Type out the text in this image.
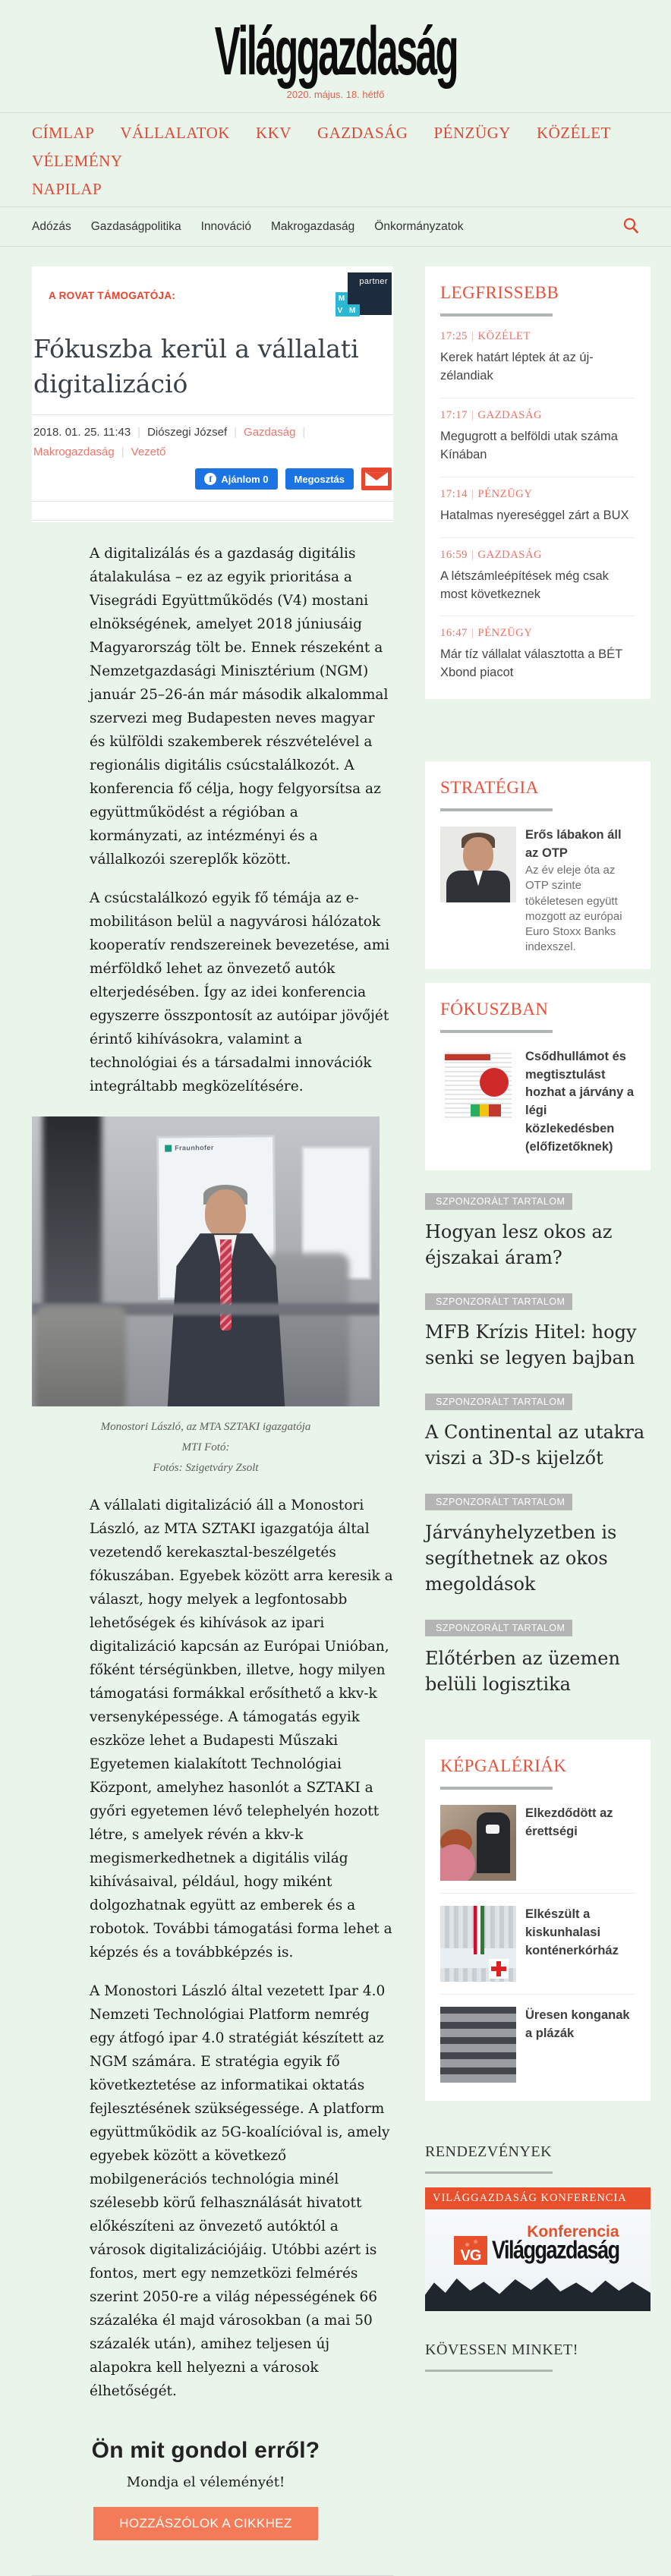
Világgazdaság
2020. május. 18. hétfő
CÍMLAP VÁLLALATOK KKV GAZDASÁG PÉNZÜGY KÖZÉLET
VÉLEMÉNY
NAPILAP
Adózás Gazdaságpolitika Innováció Makrogazdaság Önkormányzatok
A ROVAT TÁMOGATÓJA:
partner
M
V M
Fókuszba kerül a vállalati digitalizáció
2018. 01. 25. 11:43 | Diószegi József | Gazdaság |
Makrogazdaság | Vezető
f Ajánlom 0	Megosztás

A digitalizálás és a gazdaság digitális átalakulása – ez az egyik prioritása a Visegrádi Együttműködés (V4) mostani elnökségének, amelyet 2018 júniusáig Magyarország tölt be. Ennek részeként a Nemzetgazdasági Minisztérium (NGM) január 25–26-án már második alkalommal szervezi meg Budapesten neves magyar és külföldi szakemberek részvételével a regionális digitális csúcstalálkozót. A konferencia fő célja, hogy felgyorsítsa az együttműködést a régióban a kormányzati, az intézményi és a vállalkozói szereplők között.

A csúcstalálkozó egyik fő témája az e-mobilitáson belül a nagyvárosi hálózatok kooperatív rendszereinek bevezetése, ami mérföldkő lehet az önvezető autók elterjedésében. Így az idei konferencia egyszerre összpontosít az autóipar jövőjét érintő kihívásokra, valamint a technológiai és a társadalmi innovációk integráltabb megközelítésére.

Fraunhofer
Monostori László, az MTA SZTAKI igazgatója
MTI Fotó:
Fotós: Szigetváry Zsolt

A vállalati digitalizáció áll a Monostori László, az MTA SZTAKI igazgatója által vezetendő kerekasztal-beszélgetés fókuszában. Egyebek között arra keresik a választ, hogy melyek a legfontosabb lehetőségek és kihívások az ipari digitalizáció kapcsán az Európai Unióban, főként térségünkben, illetve, hogy milyen támogatási formákkal erősíthető a kkv-k versenyképessége. A támogatás egyik eszköze lehet a Budapesti Műszaki Egyetemen kialakított Technológiai Központ, amelyhez hasonlót a SZTAKI a győri egyetemen lévő telephelyén hozott létre, s amelyek révén a kkv-k megismerkedhetnek a digitális világ kihívásaival, például, hogy miként dolgozhatnak együtt az emberek és a robotok. További támogatási forma lehet a képzés és a továbbképzés is.

A Monostori László által vezetett Ipar 4.0 Nemzeti Technológiai Platform nemrég egy átfogó ipar 4.0 stratégiát készített az NGM számára. E stratégia egyik fő következtetése az informatikai oktatás fejlesztésének szükségessége. A platform együttműködik az 5G-koalícióval is, amely egyebek között a következő mobilgenerációs technológia minél szélesebb körű felhasználását hivatott előkészíteni az önvezető autóktól a városok digitalizációjáig. Utóbbi azért is fontos, mert egy nemzetközi felmérés szerint 2050-re a világ népességének 66 százaléka él majd városokban (a mai 50 százalék után), amihez teljesen új alapokra kell helyezni a városok élhetőségét.

Ön mit gondol erről?
Mondja el véleményét!
HOZZÁSZÓLOK A CIKKHEZ
LEGFRISSEBB
17:25 | KÖZÉLET
Kerek határt léptek át az új-zélandiak
17:17 | GAZDASÁG
Megugrott a belföldi utak száma Kínában
17:14 | PÉNZÜGY
Hatalmas nyereséggel zárt a BUX
16:59 | GAZDASÁG
A létszámleépítések még csak most következnek
16:47 | PÉNZÜGY
Már tíz vállalat választotta a BÉT Xbond piacot
STRATÉGIA
Erős lábakon áll az OTP
Az év eleje óta az OTP szinte tökéletesen együtt mozgott az európai Euro Stoxx Banks indexszel.
FÓKUSZBAN
Csődhullámot és megtisztulást hozhat a járvány a légi közlekedésben (előfizetőknek)
SZPONZORÁLT TARTALOM
Hogyan lesz okos az éjszakai áram?
SZPONZORÁLT TARTALOM
MFB Krízis Hitel: hogy senki se legyen bajban
SZPONZORÁLT TARTALOM
A Continental az utakra viszi a 3D-s kijelzőt
SZPONZORÁLT TARTALOM
Járványhelyzetben is segíthetnek az okos megoldások
SZPONZORÁLT TARTALOM
Előtérben az üzemen belüli logisztika
KÉPGALÉRIÁK
Elkezdődött az érettségi
Elkészült a kiskunhalasi konténerkórház
Üresen konganak a plázák
RENDEZVÉNYEK
VILÁGGAZDASÁG KONFERENCIA
VG
Konferencia
Világgazdaság
KÖVESSEN MINKET!
